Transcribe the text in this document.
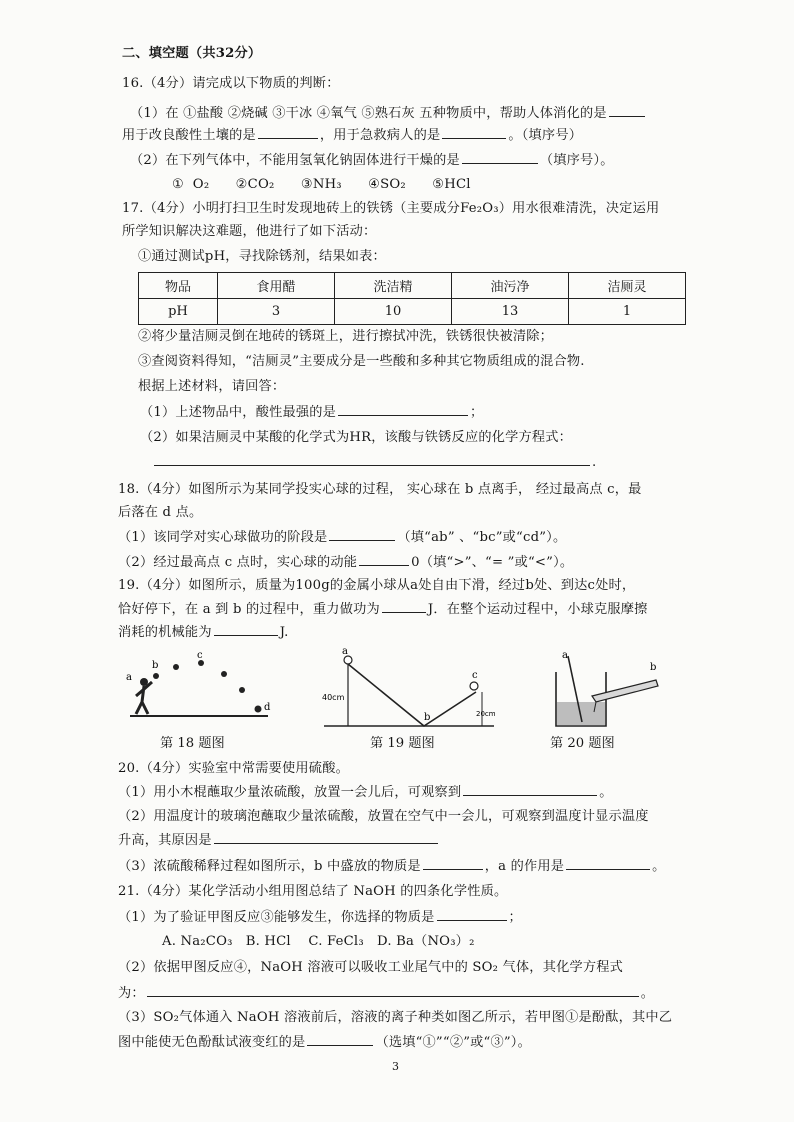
二、填空题（共32分）
16.（4分）请完成以下物质的判断：
（1）在 ①盐酸 ②烧碱 ③干冰 ④氧气 ⑤熟石灰 五种物质中，帮助人体消化的是
用于改良酸性土壤的是	，用于急救病人的是	。（填序号）
（2）在下列气体中，不能用氢氧化钠固体进行干燥的是	（填序号）。
①  O₂      ②CO₂      ③NH₃      ④SO₂      ⑤HCl
17.（4分）小明打扫卫生时发现地砖上的铁锈（主要成分Fe₂O₃）用水很难清洗，决定运用
所学知识解决这难题，他进行了如下活动：
①通过测试pH，寻找除锈剂，结果如表：
物品	食用醋	洗洁精	油污净	洁厕灵
pH	3	10	13	1
②将少量洁厕灵倒在地砖的锈斑上，进行擦拭冲洗，铁锈很快被清除；
③查阅资料得知，“洁厕灵”主要成分是一些酸和多种其它物质组成的混合物.
根据上述材料，请回答：
（1）上述物品中，酸性最强的是	；
（2）如果洁厕灵中某酸的化学式为HR，该酸与铁锈反应的化学方程式：
.
18.（4分）如图所示为某同学投实心球的过程， 实心球在 b 点离手， 经过最高点 c，最
后落在 d 点。
（1）该同学对实心球做功的阶段是	（填“ab” 、“bc”或“cd”）。
（2）经过最高点 c 点时，实心球的动能	0（填“>”、“= ”或“<”）。
19.（4分）如图所示，质量为100g的金属小球从a处自由下滑，经过b处、到达c处时，
恰好停下，在 a 到 b 的过程中，重力做功为	J．在整个运动过程中，小球克服摩擦
消耗的机械能为	J.
a
b
c
d
a
b
c
40cm
20cm
a
b
第 18 题图	第 19 题图	第 20 题图
20.（4分）实验室中常需要使用硫酸。
（1）用小木棍蘸取少量浓硫酸，放置一会儿后，可观察到	。
（2）用温度计的玻璃泡蘸取少量浓硫酸，放置在空气中一会儿，可观察到温度计显示温度
升高，其原因是
（3）浓硫酸稀释过程如图所示，b 中盛放的物质是	，a 的作用是	。
21.（4分）某化学活动小组用图总结了 NaOH 的四条化学性质。
（1）为了验证甲图反应③能够发生，你选择的物质是	；
A. Na₂CO₃   B. HCl    C. FeCl₃   D. Ba（NO₃）₂
（2）依据甲图反应④，NaOH 溶液可以吸收工业尾气中的 SO₂ 气体，其化学方程式
为：	。
（3）SO₂气体通入 NaOH 溶液前后，溶液的离子种类如图乙所示，若甲图①是酚酞，其中乙
图中能使无色酚酞试液变红的是	（选填“①”“②”或“③”）。
3
